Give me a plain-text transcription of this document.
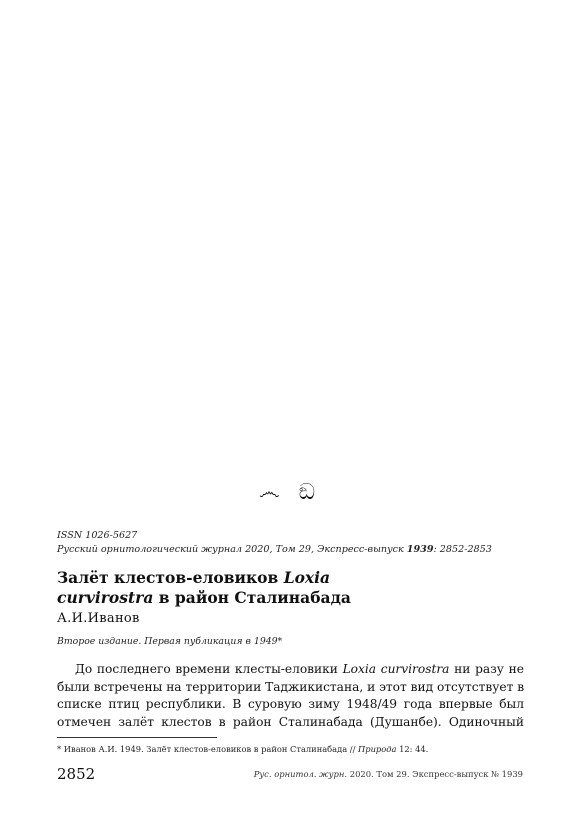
෴ ඞ
ISSN 1026-5627
Русский орнитологический журнал 2020, Том 29, Экспресс-выпуск 1939: 2852-2853
Залёт клестов-еловиков Loxia
curvirostra в район Сталинабада
А.И.Иванов
Второе издание. Первая публикация в 1949*
До последнего времени клесты-еловики Loxia curvirostra ни разу не
были встречены на территории Таджикистана, и этот вид отсутствует в
списке птиц республики. В суровую зиму 1948/49 года впервые был
отмечен залёт клестов в район Сталинабада (Душанбе). Одиночный
* Иванов А.И. 1949. Залёт клестов-еловиков в район Сталинабада // Природа 12: 44.
2852	Рус. орнитол. журн. 2020. Том 29. Экспресс-выпуск № 1939
